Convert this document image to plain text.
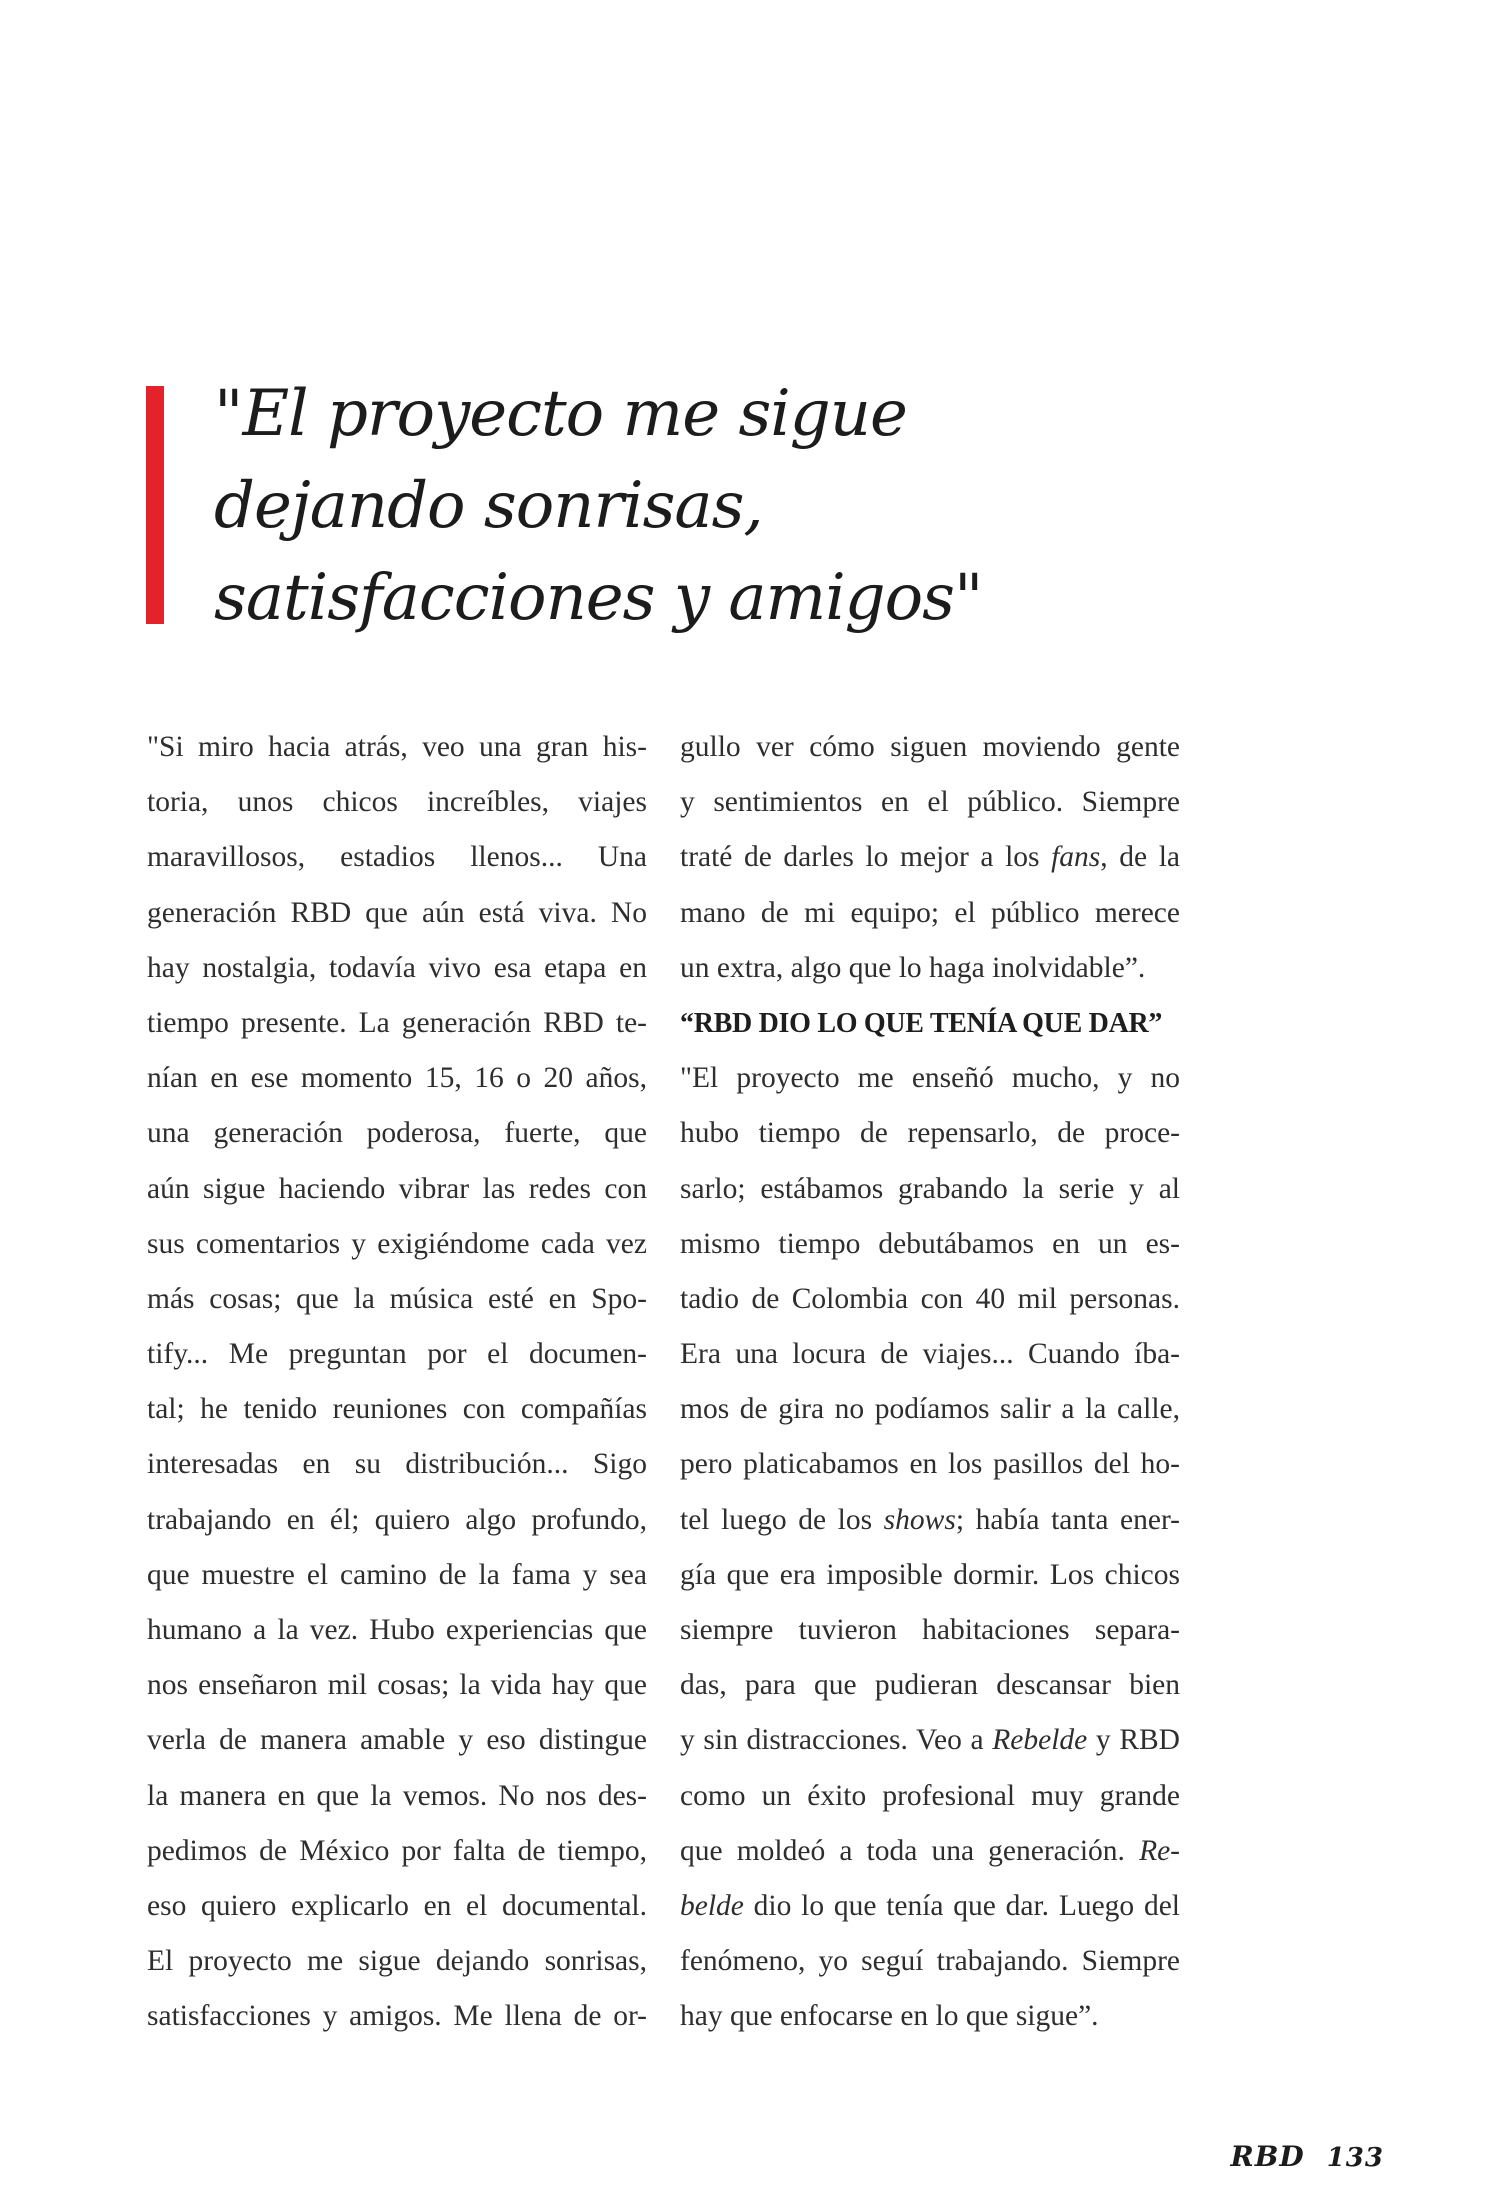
"El proyecto me sigue
dejando sonrisas,
satisfacciones y amigos"
"Si miro hacia atrás, veo una gran his-
toria, unos chicos increíbles, viajes
maravillosos, estadios llenos... Una
generación RBD que aún está viva. No
hay nostalgia, todavía vivo esa etapa en
tiempo presente. La generación RBD te-
nían en ese momento 15, 16 o 20 años,
una generación poderosa, fuerte, que
aún sigue haciendo vibrar las redes con
sus comentarios y exigiéndome cada vez
más cosas; que la música esté en Spo-
tify... Me preguntan por el documen-
tal; he tenido reuniones con compañías
interesadas en su distribución... Sigo
trabajando en él; quiero algo profundo,
que muestre el camino de la fama y sea
humano a la vez. Hubo experiencias que
nos enseñaron mil cosas; la vida hay que
verla de manera amable y eso distingue
la manera en que la vemos. No nos des-
pedimos de México por falta de tiempo,
eso quiero explicarlo en el documental.
El proyecto me sigue dejando sonrisas,
satisfacciones y amigos. Me llena de or-
gullo ver cómo siguen moviendo gente
y sentimientos en el público. Siempre
traté de darles lo mejor a los fans, de la
mano de mi equipo; el público merece
un extra, algo que lo haga inolvidable”.
“RBD DIO LO QUE TENÍA QUE DAR”
"El proyecto me enseñó mucho, y no
hubo tiempo de repensarlo, de proce-
sarlo; estábamos grabando la serie y al
mismo tiempo debutábamos en un es-
tadio de Colombia con 40 mil personas.
Era una locura de viajes... Cuando íba-
mos de gira no podíamos salir a la calle,
pero platicabamos en los pasillos del ho-
tel luego de los shows; había tanta ener-
gía que era imposible dormir. Los chicos
siempre tuvieron habitaciones separa-
das, para que pudieran descansar bien
y sin distracciones. Veo a Rebelde y RBD
como un éxito profesional muy grande
que moldeó a toda una generación. Re-
belde dio lo que tenía que dar. Luego del
fenómeno, yo seguí trabajando. Siempre
hay que enfocarse en lo que sigue”.
RBD 133
